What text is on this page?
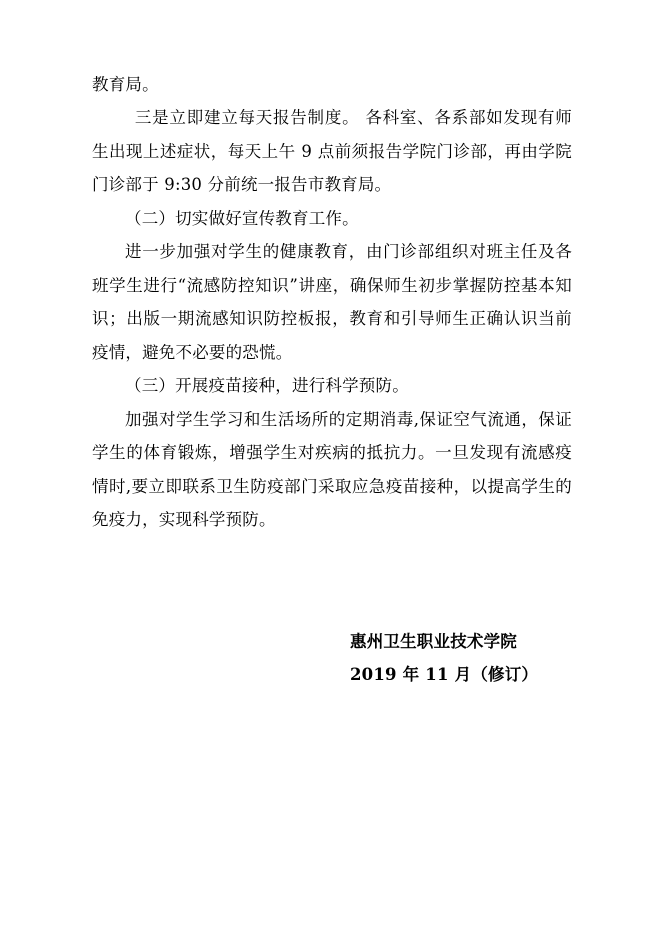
教育局。

三是立即建立每天报告制度。 各科室、各系部如发现有师生出现上述症状，每天上午 9 点前须报告学院门诊部，再由学院门诊部于 9:30 分前统一报告市教育局。

（二）切实做好宣传教育工作。

进一步加强对学生的健康教育，由门诊部组织对班主任及各班学生进行“流感防控知识”讲座，确保师生初步掌握防控基本知识；出版一期流感知识防控板报，教育和引导师生正确认识当前疫情，避免不必要的恐慌。

（三）开展疫苗接种，进行科学预防。

加强对学生学习和生活场所的定期消毒,保证空气流通，保证学生的体育锻炼，增强学生对疾病的抵抗力。一旦发现有流感疫情时,要立即联系卫生防疫部门采取应急疫苗接种，以提高学生的免疫力，实现科学预防。

惠州卫生职业技术学院
2019 年 11 月（修订）
